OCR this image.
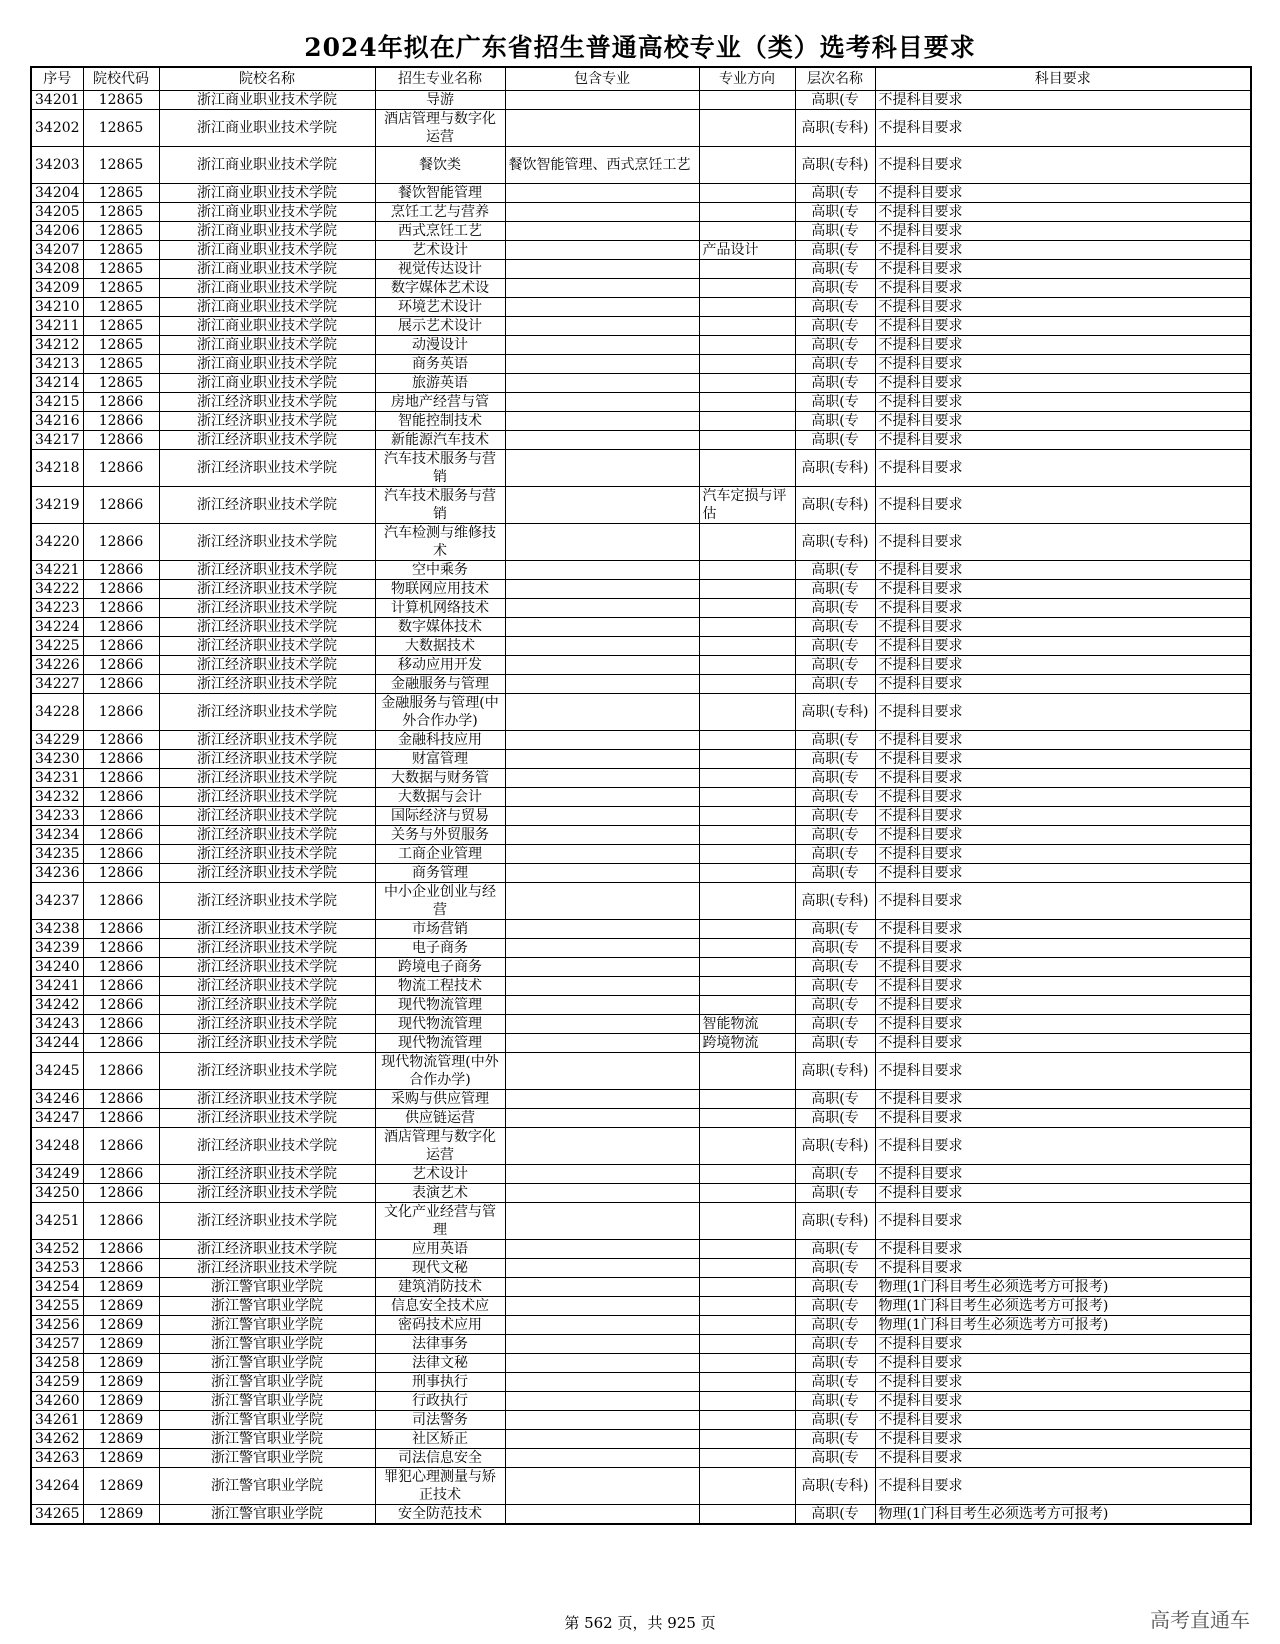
2024年拟在广东省招生普通高校专业（类）选考科目要求
序号	院校代码	院校名称	招生专业名称	包含专业	专业方向	层次名称	科目要求
34201	12865	浙江商业职业技术学院	导游			高职(专	不提科目要求
34202	12865	浙江商业职业技术学院	酒店管理与数字化运营			高职(专科)	不提科目要求
34203	12865	浙江商业职业技术学院	餐饮类	餐饮智能管理、西式烹饪工艺		高职(专科)	不提科目要求
34204	12865	浙江商业职业技术学院	餐饮智能管理			高职(专	不提科目要求
34205	12865	浙江商业职业技术学院	烹饪工艺与营养			高职(专	不提科目要求
34206	12865	浙江商业职业技术学院	西式烹饪工艺			高职(专	不提科目要求
34207	12865	浙江商业职业技术学院	艺术设计		产品设计	高职(专	不提科目要求
34208	12865	浙江商业职业技术学院	视觉传达设计			高职(专	不提科目要求
34209	12865	浙江商业职业技术学院	数字媒体艺术设			高职(专	不提科目要求
34210	12865	浙江商业职业技术学院	环境艺术设计			高职(专	不提科目要求
34211	12865	浙江商业职业技术学院	展示艺术设计			高职(专	不提科目要求
34212	12865	浙江商业职业技术学院	动漫设计			高职(专	不提科目要求
34213	12865	浙江商业职业技术学院	商务英语			高职(专	不提科目要求
34214	12865	浙江商业职业技术学院	旅游英语			高职(专	不提科目要求
34215	12866	浙江经济职业技术学院	房地产经营与管			高职(专	不提科目要求
34216	12866	浙江经济职业技术学院	智能控制技术			高职(专	不提科目要求
34217	12866	浙江经济职业技术学院	新能源汽车技术			高职(专	不提科目要求
34218	12866	浙江经济职业技术学院	汽车技术服务与营销			高职(专科)	不提科目要求
34219	12866	浙江经济职业技术学院	汽车技术服务与营销		汽车定损与评估	高职(专科)	不提科目要求
34220	12866	浙江经济职业技术学院	汽车检测与维修技术			高职(专科)	不提科目要求
34221	12866	浙江经济职业技术学院	空中乘务			高职(专	不提科目要求
34222	12866	浙江经济职业技术学院	物联网应用技术			高职(专	不提科目要求
34223	12866	浙江经济职业技术学院	计算机网络技术			高职(专	不提科目要求
34224	12866	浙江经济职业技术学院	数字媒体技术			高职(专	不提科目要求
34225	12866	浙江经济职业技术学院	大数据技术			高职(专	不提科目要求
34226	12866	浙江经济职业技术学院	移动应用开发			高职(专	不提科目要求
34227	12866	浙江经济职业技术学院	金融服务与管理			高职(专	不提科目要求
34228	12866	浙江经济职业技术学院	金融服务与管理(中外合作办学)			高职(专科)	不提科目要求
34229	12866	浙江经济职业技术学院	金融科技应用			高职(专	不提科目要求
34230	12866	浙江经济职业技术学院	财富管理			高职(专	不提科目要求
34231	12866	浙江经济职业技术学院	大数据与财务管			高职(专	不提科目要求
34232	12866	浙江经济职业技术学院	大数据与会计			高职(专	不提科目要求
34233	12866	浙江经济职业技术学院	国际经济与贸易			高职(专	不提科目要求
34234	12866	浙江经济职业技术学院	关务与外贸服务			高职(专	不提科目要求
34235	12866	浙江经济职业技术学院	工商企业管理			高职(专	不提科目要求
34236	12866	浙江经济职业技术学院	商务管理			高职(专	不提科目要求
34237	12866	浙江经济职业技术学院	中小企业创业与经营			高职(专科)	不提科目要求
34238	12866	浙江经济职业技术学院	市场营销			高职(专	不提科目要求
34239	12866	浙江经济职业技术学院	电子商务			高职(专	不提科目要求
34240	12866	浙江经济职业技术学院	跨境电子商务			高职(专	不提科目要求
34241	12866	浙江经济职业技术学院	物流工程技术			高职(专	不提科目要求
34242	12866	浙江经济职业技术学院	现代物流管理			高职(专	不提科目要求
34243	12866	浙江经济职业技术学院	现代物流管理		智能物流	高职(专	不提科目要求
34244	12866	浙江经济职业技术学院	现代物流管理		跨境物流	高职(专	不提科目要求
34245	12866	浙江经济职业技术学院	现代物流管理(中外合作办学)			高职(专科)	不提科目要求
34246	12866	浙江经济职业技术学院	采购与供应管理			高职(专	不提科目要求
34247	12866	浙江经济职业技术学院	供应链运营			高职(专	不提科目要求
34248	12866	浙江经济职业技术学院	酒店管理与数字化运营			高职(专科)	不提科目要求
34249	12866	浙江经济职业技术学院	艺术设计			高职(专	不提科目要求
34250	12866	浙江经济职业技术学院	表演艺术			高职(专	不提科目要求
34251	12866	浙江经济职业技术学院	文化产业经营与管理			高职(专科)	不提科目要求
34252	12866	浙江经济职业技术学院	应用英语			高职(专	不提科目要求
34253	12866	浙江经济职业技术学院	现代文秘			高职(专	不提科目要求
34254	12869	浙江警官职业学院	建筑消防技术			高职(专	物理(1门科目考生必须选考方可报考)
34255	12869	浙江警官职业学院	信息安全技术应			高职(专	物理(1门科目考生必须选考方可报考)
34256	12869	浙江警官职业学院	密码技术应用			高职(专	物理(1门科目考生必须选考方可报考)
34257	12869	浙江警官职业学院	法律事务			高职(专	不提科目要求
34258	12869	浙江警官职业学院	法律文秘			高职(专	不提科目要求
34259	12869	浙江警官职业学院	刑事执行			高职(专	不提科目要求
34260	12869	浙江警官职业学院	行政执行			高职(专	不提科目要求
34261	12869	浙江警官职业学院	司法警务			高职(专	不提科目要求
34262	12869	浙江警官职业学院	社区矫正			高职(专	不提科目要求
34263	12869	浙江警官职业学院	司法信息安全			高职(专	不提科目要求
34264	12869	浙江警官职业学院	罪犯心理测量与矫正技术			高职(专科)	不提科目要求
34265	12869	浙江警官职业学院	安全防范技术			高职(专	物理(1门科目考生必须选考方可报考)
第 562 页，共 925 页	高考直通车
